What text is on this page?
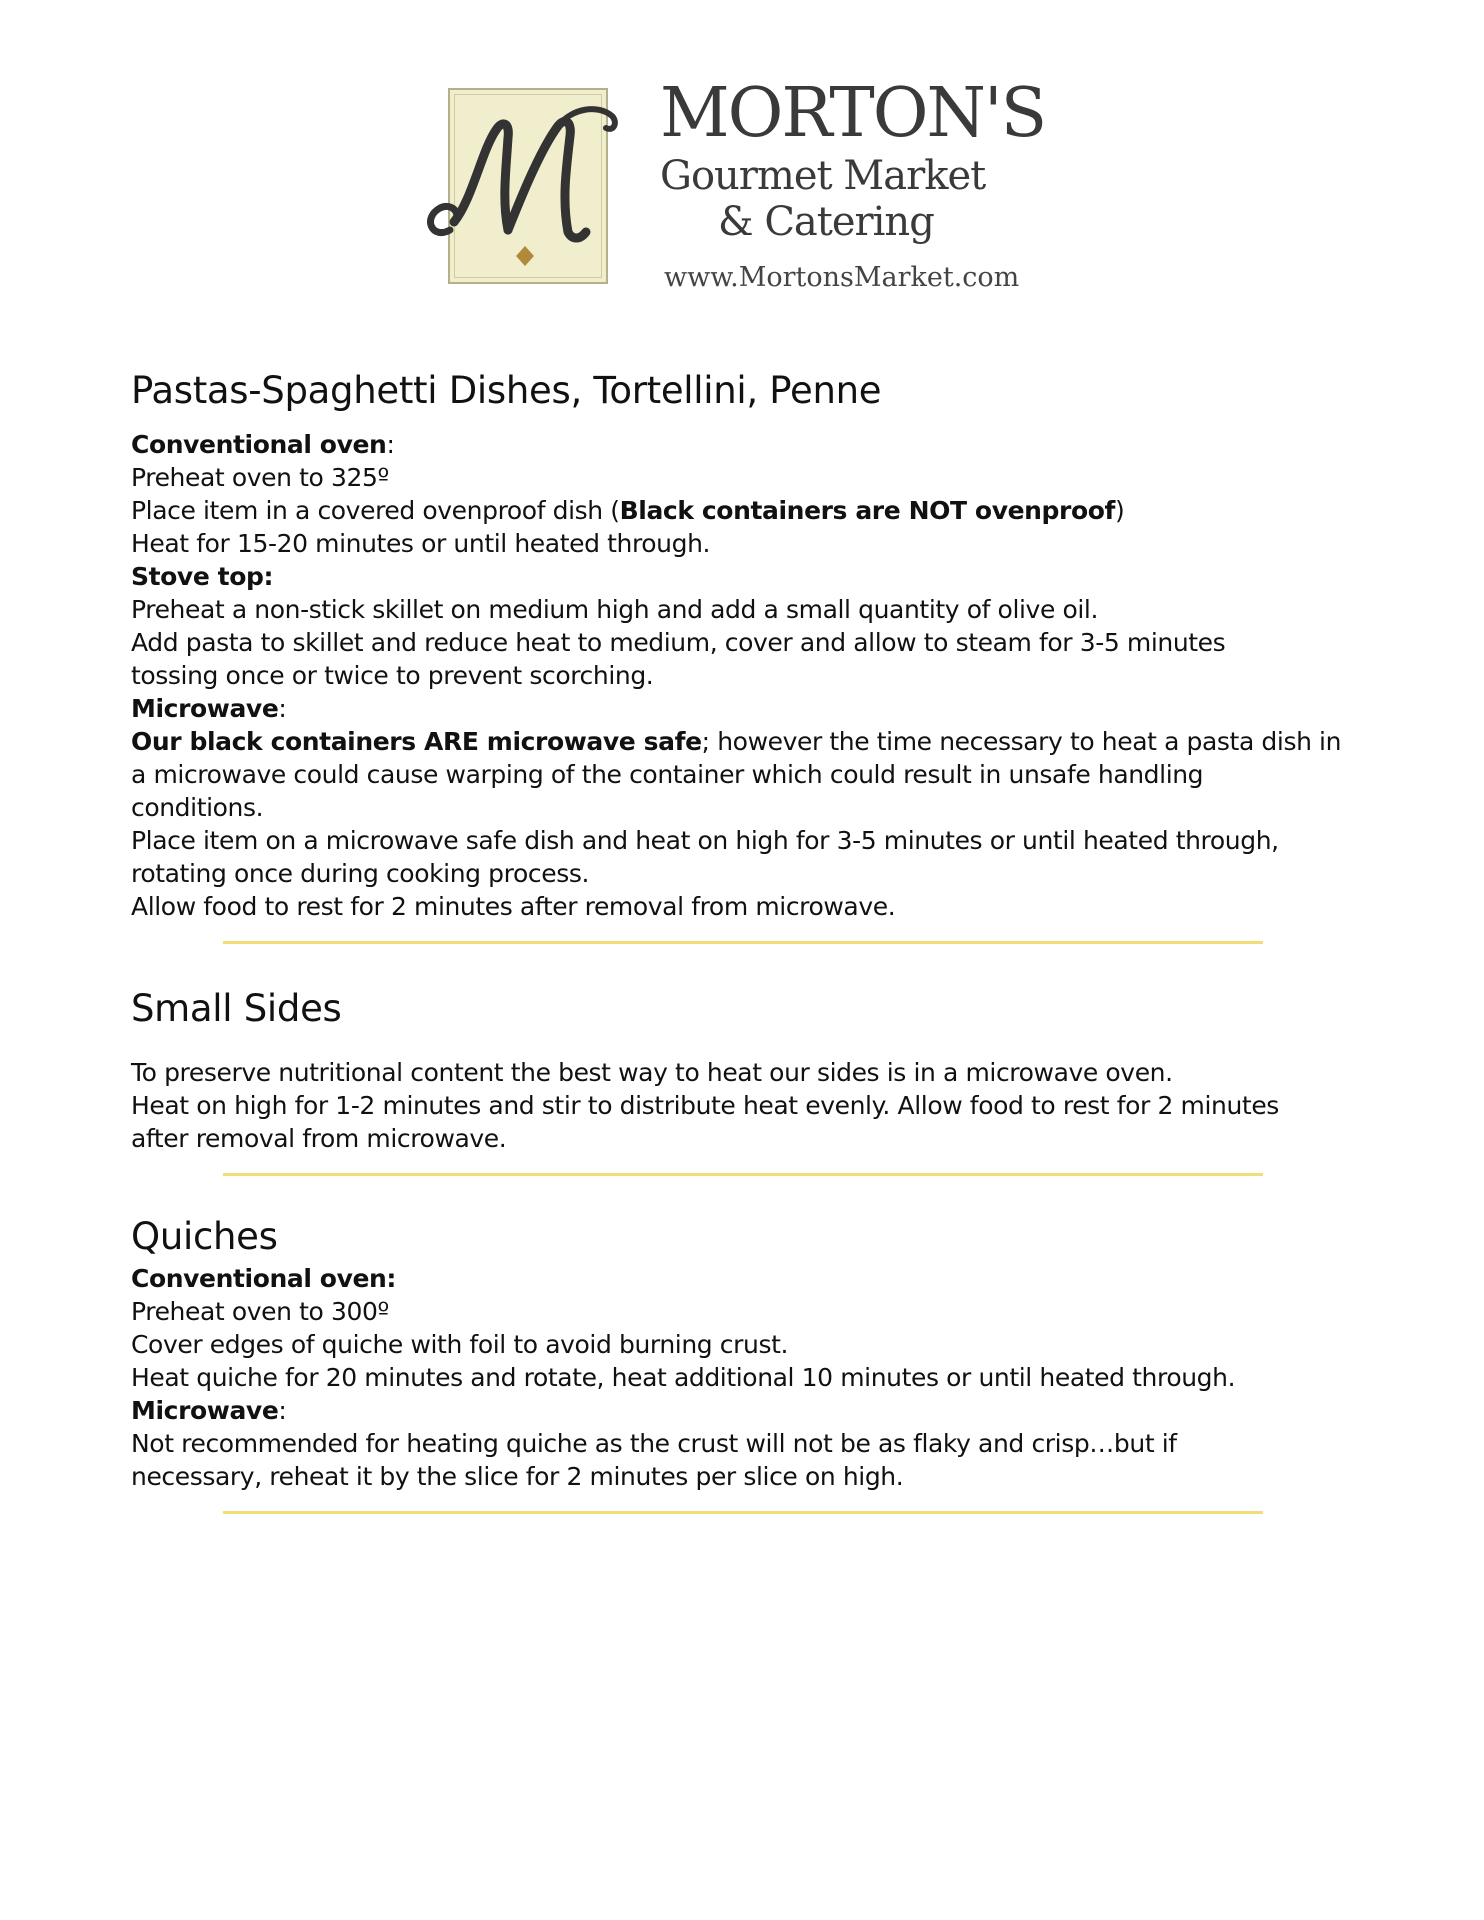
MORTON'S
Gourmet Market
& Catering
www.MortonsMarket.com
Pastas-Spaghetti Dishes, Tortellini, Penne

Conventional oven:

Preheat oven to 325º

Place item in a covered ovenproof dish (Black containers are NOT ovenproof)

Heat for 15-20 minutes or until heated through.

Stove top:

Preheat a non-stick skillet on medium high and add a small quantity of olive oil.

Add pasta to skillet and reduce heat to medium, cover and allow to steam for 3-5 minutes

tossing once or twice to prevent scorching.

Microwave:

Our black containers ARE microwave safe; however the time necessary to heat a pasta dish in

a microwave could cause warping of the container which could result in unsafe handling

conditions.

Place item on a microwave safe dish and heat on high for 3-5 minutes or until heated through,

rotating once during cooking process.

Allow food to rest for 2 minutes after removal from microwave.

Small Sides

To preserve nutritional content the best way to heat our sides is in a microwave oven.

Heat on high for 1-2 minutes and stir to distribute heat evenly. Allow food to rest for 2 minutes

after removal from microwave.

Quiches

Conventional oven:

Preheat oven to 300º

Cover edges of quiche with foil to avoid burning crust.

Heat quiche for 20 minutes and rotate, heat additional 10 minutes or until heated through.

Microwave:

Not recommended for heating quiche as the crust will not be as flaky and crisp…but if

necessary, reheat it by the slice for 2 minutes per slice on high.
